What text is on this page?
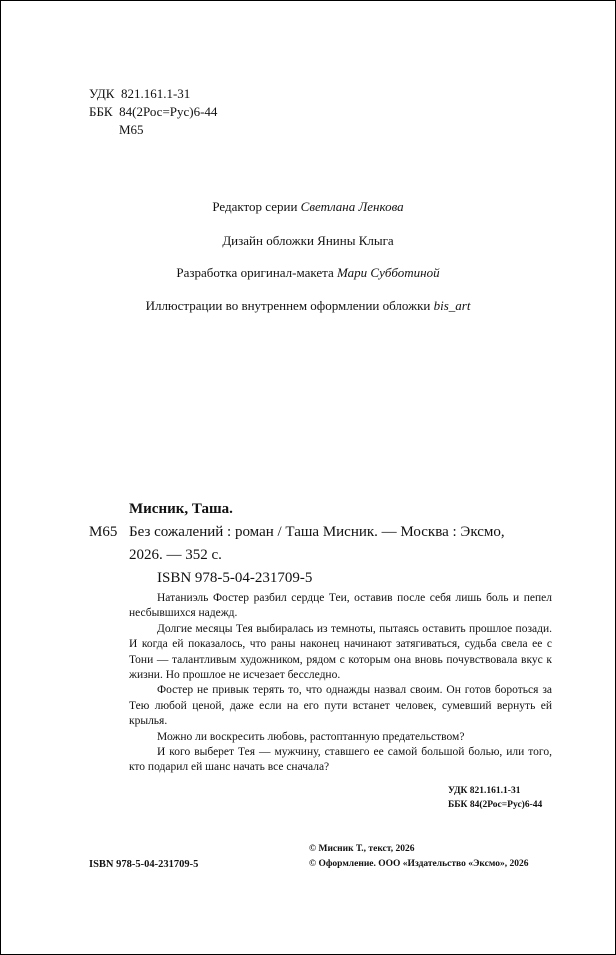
УДК 821.161.1-31
ББК 84(2Рос=Рус)6-44
М65
Редактор серии Светлана Ленкова
Дизайн обложки Янины Клыга
Разработка оригинал-макета Мари Субботиной
Иллюстрации во внутреннем оформлении обложки bis_art
Мисник, Таша.
М65 Без сожалений : роман / Таша Мисник. — Москва : Эксмо,
2026. — 352 с.
ISBN 978-5-04-231709-5

Натаниэль Фостер разбил сердце Теи, оставив после себя лишь боль и пепел несбывшихся надежд.

Долгие месяцы Тея выбиралась из темноты, пытаясь оставить прошлое позади. И когда ей показалось, что раны наконец начинают затягиваться, судьба свела ее с Тони — талантливым художником, рядом с которым она вновь почувствовала вкус к жизни. Но прошлое не исчезает бесследно.

Фостер не привык терять то, что однажды назвал своим. Он готов бороться за Тею любой ценой, даже если на его пути встанет человек, сумевший вернуть ей крылья.

Можно ли воскресить любовь, растоптанную предательством?

И кого выберет Тея — мужчину, ставшего ее самой большой болью, или того, кто подарил ей шанс начать все сначала?

УДК 821.161.1-31
ББК 84(2Рос=Рус)6-44
ISBN 978-5-04-231709-5
© Мисник Т., текст, 2026
© Оформление. ООО «Издательство «Эксмо», 2026
